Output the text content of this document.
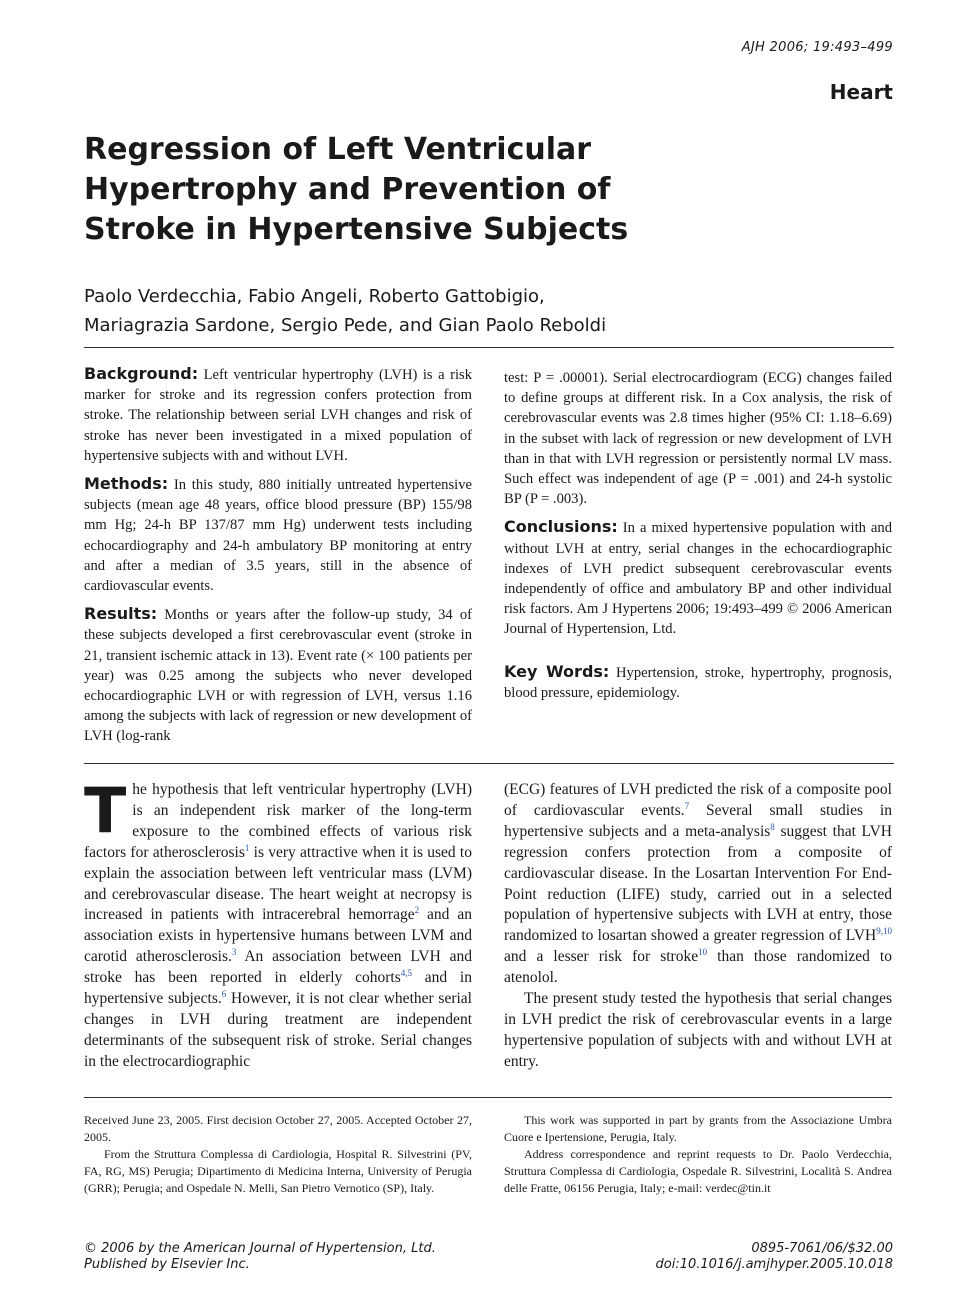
AJH 2006; 19:493–499
Heart
Regression of Left Ventricular
Hypertrophy and Prevention of
Stroke in Hypertensive Subjects
Paolo Verdecchia, Fabio Angeli, Roberto Gattobigio,
Mariagrazia Sardone, Sergio Pede, and Gian Paolo Reboldi

Background: Left ventricular hypertrophy (LVH) is a risk marker for stroke and its regression confers protection from stroke. The relationship between serial LVH changes and risk of stroke has never been investigated in a mixed population of hypertensive subjects with and without LVH.

Methods: In this study, 880 initially untreated hypertensive subjects (mean age 48 years, office blood pressure (BP) 155/98 mm Hg; 24-h BP 137/87 mm Hg) underwent tests including echocardiography and 24-h ambulatory BP monitoring at entry and after a median of 3.5 years, still in the absence of cardiovascular events.

Results: Months or years after the follow-up study, 34 of these subjects developed a first cerebrovascular event (stroke in 21, transient ischemic attack in 13). Event rate (× 100 patients per year) was 0.25 among the subjects who never developed echocardiographic LVH or with regression of LVH, versus 1.16 among the subjects with lack of regression or new development of LVH (log-rank

test: P = .00001). Serial electrocardiogram (ECG) changes failed to define groups at different risk. In a Cox analysis, the risk of cerebrovascular events was 2.8 times higher (95% CI: 1.18–6.69) in the subset with lack of regression or new development of LVH than in that with LVH regression or persistently normal LV mass. Such effect was independent of age (P = .001) and 24-h systolic BP (P = .003).

Conclusions: In a mixed hypertensive population with and without LVH at entry, serial changes in the echocardiographic indexes of LVH predict subsequent cerebrovascular events independently of office and ambulatory BP and other individual risk factors. Am J Hypertens 2006; 19:493–499 © 2006 American Journal of Hypertension, Ltd.

Key Words: Hypertension, stroke, hypertrophy, prognosis, blood pressure, epidemiology.

The hypothesis that left ventricular hypertrophy (LVH) is an independent risk marker of the long-term exposure to the combined effects of various risk factors for atherosclerosis$^1$ is very attractive when it is used to explain the association between left ventricular mass (LVM) and cerebrovascular disease. The heart weight at necropsy is increased in patients with intracerebral hemorrage$^2$ and an association exists in hypertensive humans between LVM and carotid atherosclerosis.$^3$ An association between LVH and stroke has been reported in elderly cohorts$^{4,5}$ and in hypertensive subjects.$^6$ However, it is not clear whether serial changes in LVH during treatment are independent determinants of the subsequent risk of stroke. Serial changes in the electrocardiographic

(ECG) features of LVH predicted the risk of a composite pool of cardiovascular events.$^7$ Several small studies in hypertensive subjects and a meta-analysis$^8$ suggest that LVH regression confers protection from a composite of cardiovascular disease. In the Losartan Intervention For End-Point reduction (LIFE) study, carried out in a selected population of hypertensive subjects with LVH at entry, those randomized to losartan showed a greater regression of LVH$^{9,10}$ and a lesser risk for stroke$^{10}$ than those randomized to atenolol.

The present study tested the hypothesis that serial changes in LVH predict the risk of cerebrovascular events in a large hypertensive population of subjects with and without LVH at entry.

Received June 23, 2005. First decision October 27, 2005. Accepted October 27, 2005.

From the Struttura Complessa di Cardiologia, Hospital R. Silvestrini (PV, FA, RG, MS) Perugia; Dipartimento di Medicina Interna, University of Perugia (GRR); Perugia; and Ospedale N. Melli, San Pietro Vernotico (SP), Italy.

This work was supported in part by grants from the Associazione Umbra Cuore e Ipertensione, Perugia, Italy.

Address correspondence and reprint requests to Dr. Paolo Verdecchia, Struttura Complessa di Cardiologia, Ospedale R. Silvestrini, Località S. Andrea delle Fratte, 06156 Perugia, Italy; e-mail: verdec@tin.it

© 2006 by the American Journal of Hypertension, Ltd.
Published by Elsevier Inc.
0895-7061/06/$32.00
doi:10.1016/j.amjhyper.2005.10.018
